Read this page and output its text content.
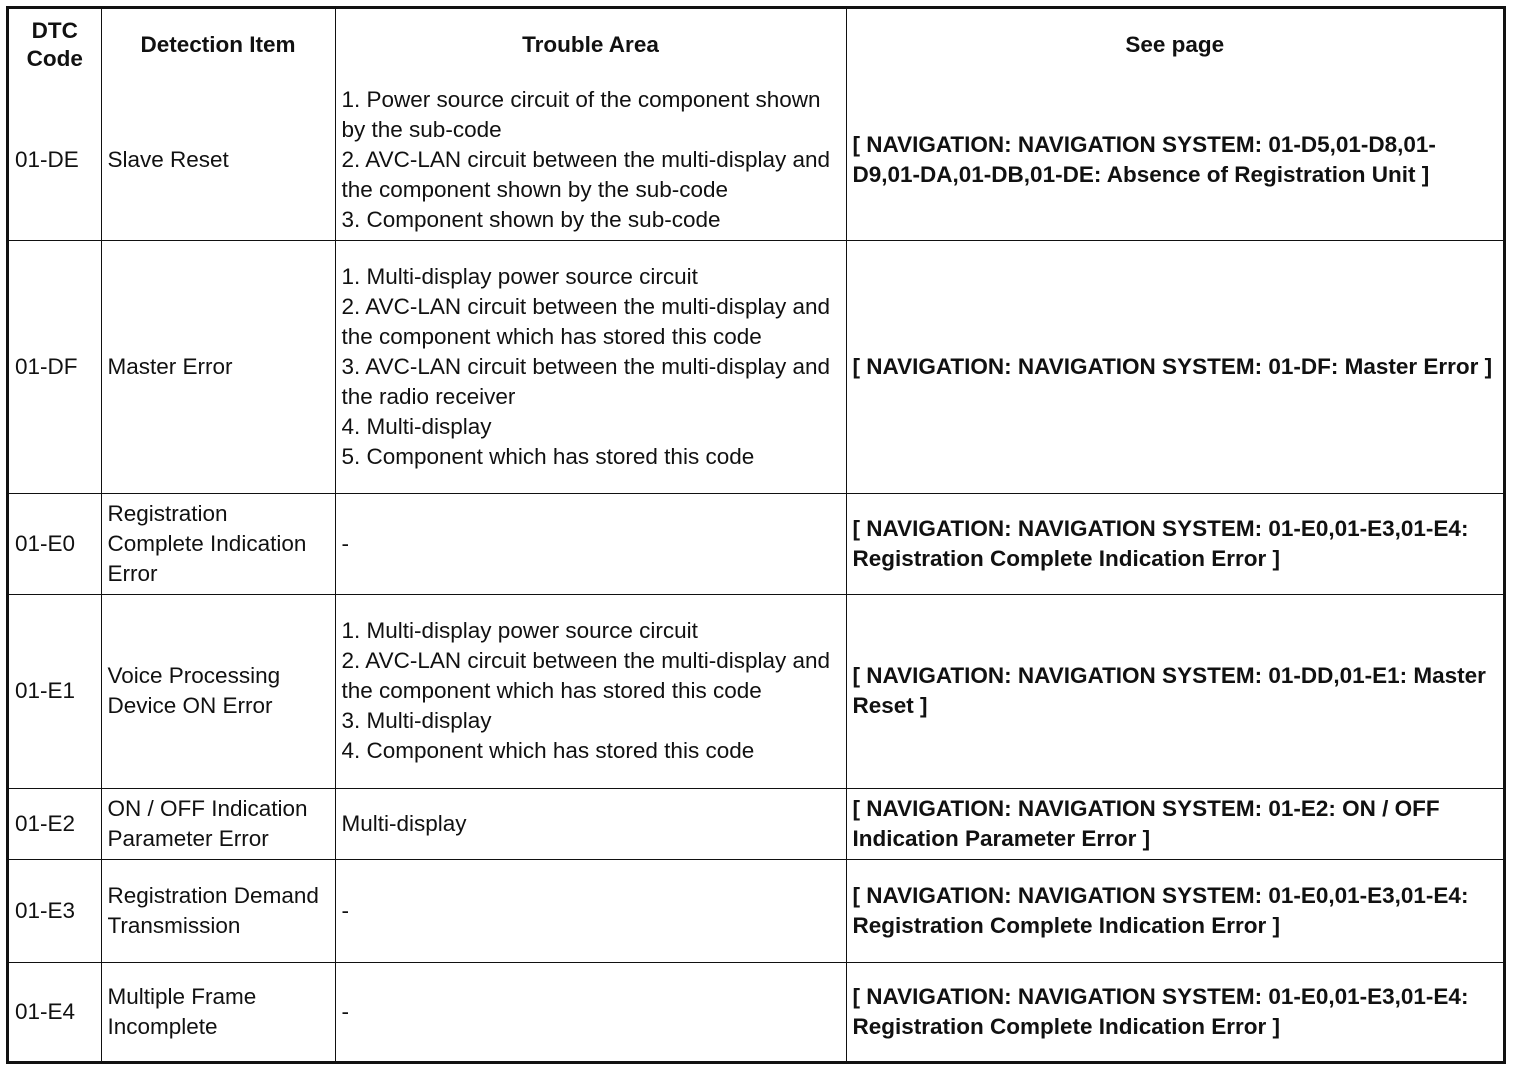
DTC
Code	Detection Item	Trouble Area	See page
01-DE	Slave Reset	1. Power source circuit of the component shown by the sub-code
2. AVC-LAN circuit between the multi-display and the component shown by the sub-code
3. Component shown by the sub-code	[ NAVIGATION: NAVIGATION SYSTEM: 01-D5,01-D8,01-D9,01-DA,01-DB,01-DE: Absence of Registration Unit ]
01-DF	Master Error	1. Multi-display power source circuit
2. AVC-LAN circuit between the multi-display and the component which has stored this code
3. AVC-LAN circuit between the multi-display and the radio receiver
4. Multi-display
5. Component which has stored this code	[ NAVIGATION: NAVIGATION SYSTEM: 01-DF: Master Error ]
01-E0	Registration Complete Indication Error	-	[ NAVIGATION: NAVIGATION SYSTEM: 01-E0,01-E3,01-E4: Registration Complete Indication Error ]
01-E1	Voice Processing Device ON Error	1. Multi-display power source circuit
2. AVC-LAN circuit between the multi-display and the component which has stored this code
3. Multi-display
4. Component which has stored this code	[ NAVIGATION: NAVIGATION SYSTEM: 01-DD,01-E1: Master Reset ]
01-E2	ON / OFF Indication Parameter Error	Multi-display	[ NAVIGATION: NAVIGATION SYSTEM: 01-E2: ON / OFF Indication Parameter Error ]
01-E3	Registration Demand Transmission	-	[ NAVIGATION: NAVIGATION SYSTEM: 01-E0,01-E3,01-E4: Registration Complete Indication Error ]
01-E4	Multiple Frame Incomplete	-	[ NAVIGATION: NAVIGATION SYSTEM: 01-E0,01-E3,01-E4: Registration Complete Indication Error ]
